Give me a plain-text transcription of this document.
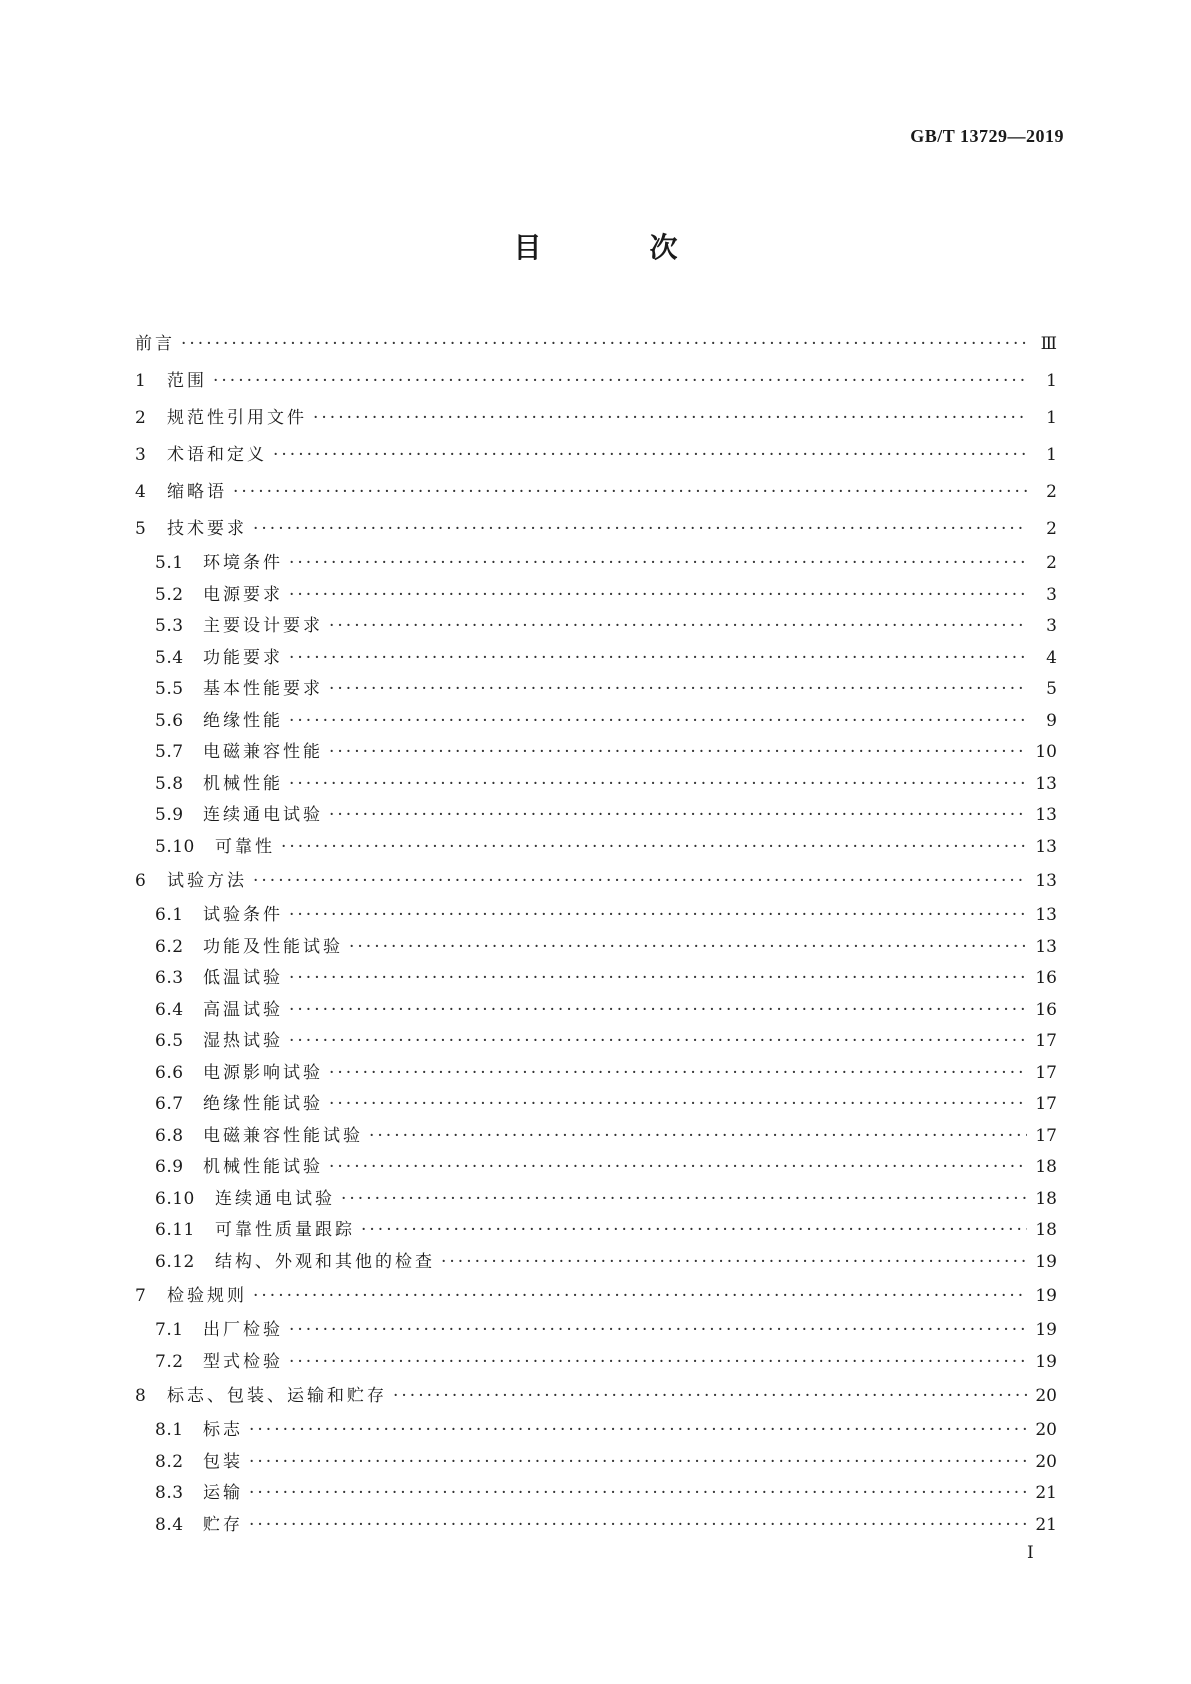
GB/T 13729—2019
目　次
前言 ·····	Ⅲ
1	范围 ·····	1
2	规范性引用文件 ·····	1
3	术语和定义 ·····	1
4	缩略语 ·····	2
5	技术要求 ·····	2
5.1	环境条件 ·····	2
5.2	电源要求 ·····	3
5.3	主要设计要求 ·····	3
5.4	功能要求 ·····	4
5.5	基本性能要求 ·····	5
5.6	绝缘性能 ·····	9
5.7	电磁兼容性能 ·····	10
5.8	机械性能 ·····	13
5.9	连续通电试验 ·····	13
5.10	可靠性 ·····	13
6	试验方法 ·····	13
6.1	试验条件 ·····	13
6.2	功能及性能试验 ·····	13
6.3	低温试验 ·····	16
6.4	高温试验 ·····	16
6.5	湿热试验 ·····	17
6.6	电源影响试验 ·····	17
6.7	绝缘性能试验 ·····	17
6.8	电磁兼容性能试验 ·····	17
6.9	机械性能试验 ·····	18
6.10	连续通电试验 ·····	18
6.11	可靠性质量跟踪 ·····	18
6.12	结构、外观和其他的检查 ·····	19
7	检验规则 ·····	19
7.1	出厂检验 ·····	19
7.2	型式检验 ·····	19
8	标志、包装、运输和贮存 ·····	20
8.1	标志 ·····	20
8.2	包装 ·····	20
8.3	运输 ·····	21
8.4	贮存 ·····	21
Ⅰ
